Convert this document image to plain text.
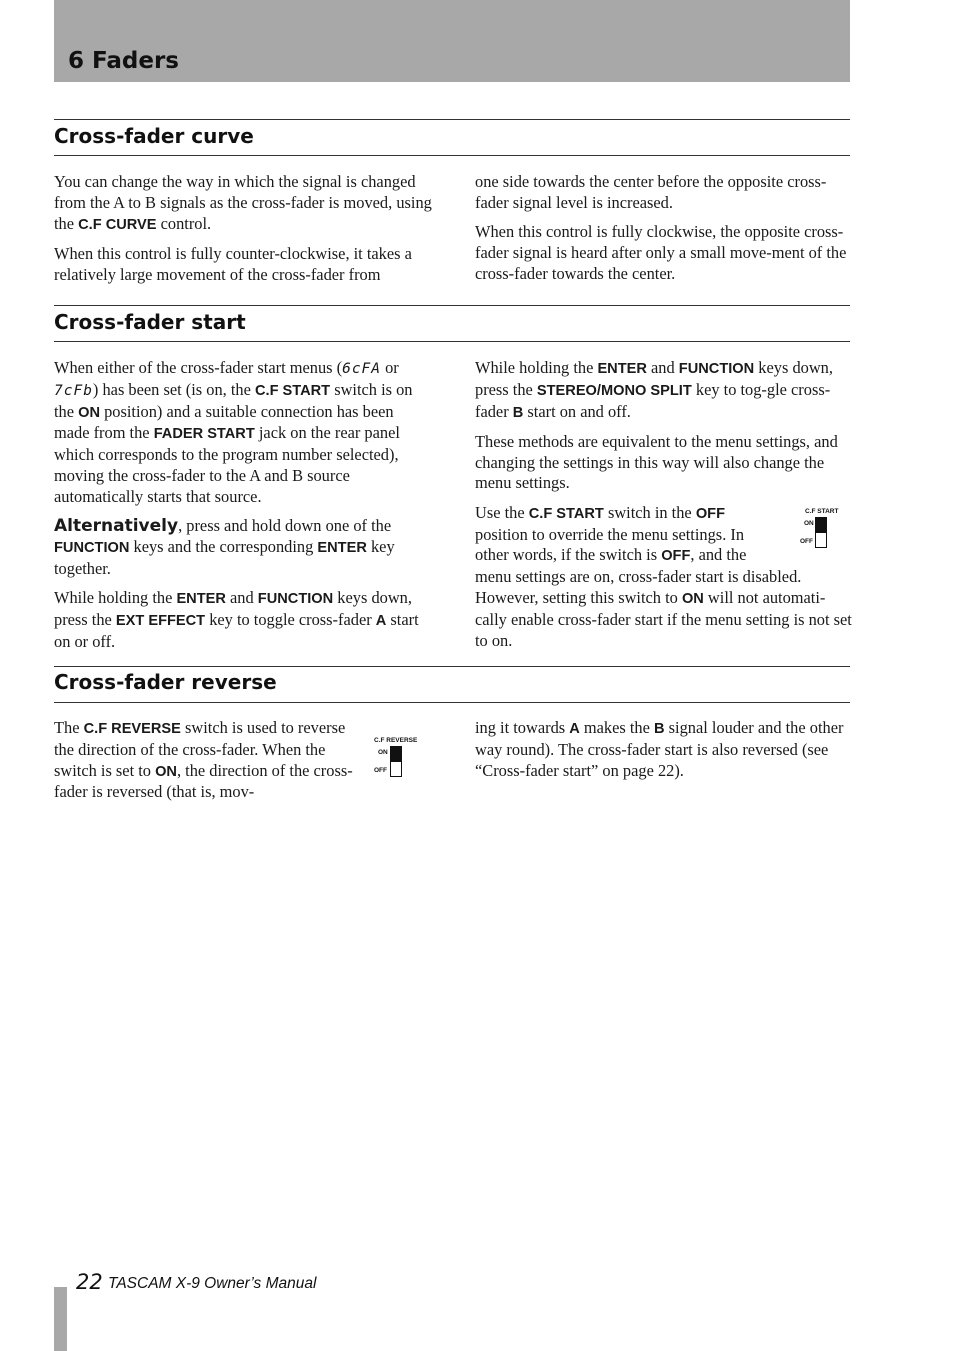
6 Faders
Cross-fader curve

You can change the way in which the signal is changed from the A to B signals as the cross-fader is moved, using the C.F CURVE control.

When this control is fully counter-clockwise, it takes a relatively large movement of the cross-fader from

one side towards the center before the opposite cross-fader signal level is increased.

When this control is fully clockwise, the opposite cross-fader signal is heard after only a small move-ment of the cross-fader towards the center.

Cross-fader start

When either of the cross-fader start menus (6cFA or 7cFb) has been set (is on, the C.F START switch is on the ON position) and a suitable connection has been made from the FADER START jack on the rear panel which corresponds to the program number selected), moving the cross-fader to the A and B source automatically starts that source.

Alternatively, press and hold down one of the FUNCTION keys and the corresponding ENTER key together.

While holding the ENTER and FUNCTION keys down, press the EXT EFFECT key to toggle cross-fader A start on or off.

While holding the ENTER and FUNCTION keys down, press the STEREO/MONO SPLIT key to tog-gle cross-fader B start on and off.

These methods are equivalent to the menu settings, and changing the settings in this way will also change the menu settings.

Use the C.F START switch in the OFF position to override the menu settings. In other words, if the switch is OFF, and the menu settings are on, cross-fader start is disabled. However, setting this switch to ON will not automati-cally enable cross-fader start if the menu setting is not set to on.

C.F START
ON
OFF
Cross-fader reverse

The C.F REVERSE switch is used to reverse the direction of the cross-fader. When the switch is set to ON, the direction of the cross-fader is reversed (that is, mov-

ing it towards A makes the B signal louder and the other way round). The cross-fader start is also reversed (see “Cross-fader start” on page 22).

C.F REVERSE
ON
OFF
22 TASCAM X-9 Owner’s Manual
